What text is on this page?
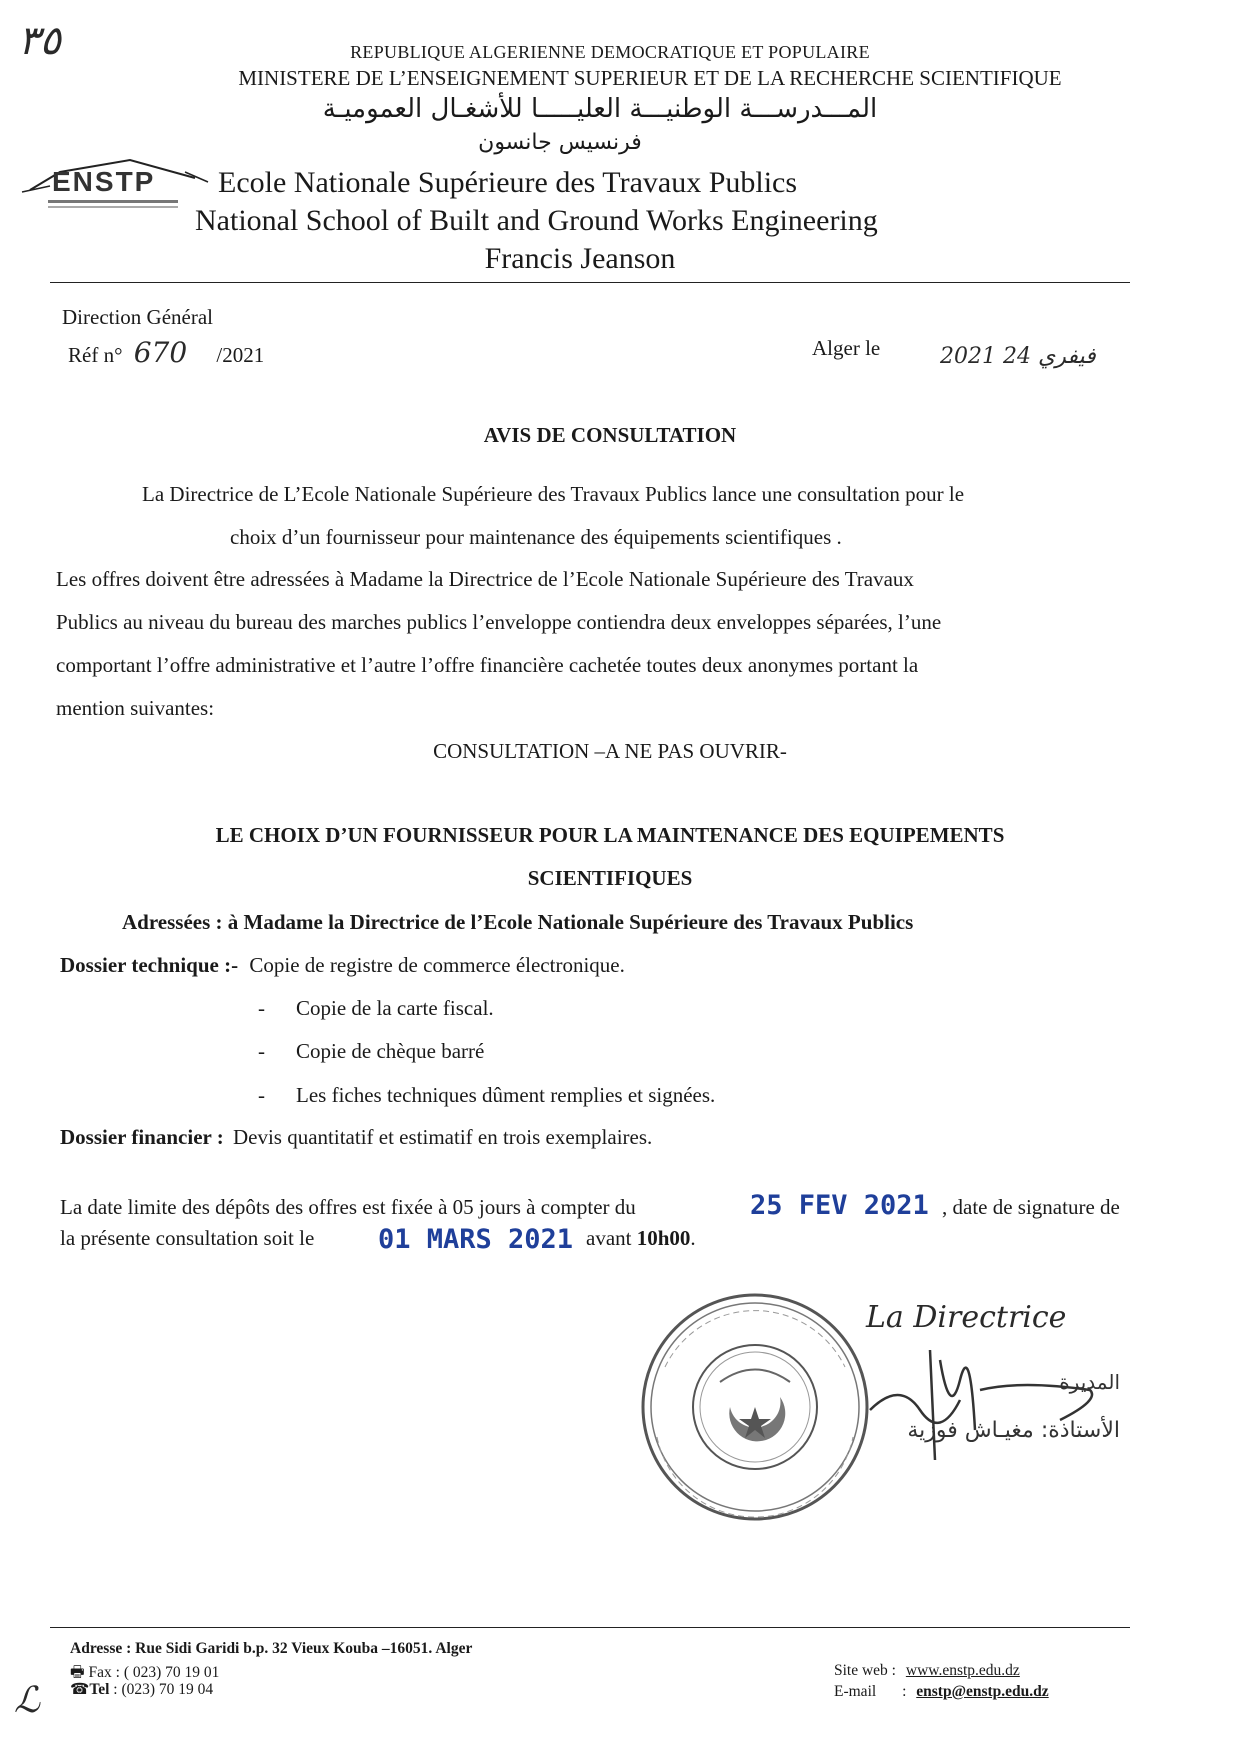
٣٥	REPUBLIQUE ALGERIENNE DEMOCRATIQUE ET POPULAIRE
MINISTERE DE L’ENSEIGNEMENT SUPERIEUR ET DE LA RECHERCHE SCIENTIFIQUE
المـــدرســـة الوطنيـــة العليـــــا للأشغـال العموميـة
فرنسيس جانسون
ENSTP Ecole Nationale Supérieure des Travaux Publics
National School of Built and Ground Works Engineering
Francis Jeanson
Direction Général
Réf n° 670 /2021	Alger le	2021 فيفري 24
AVIS DE CONSULTATION
La Directrice de L’Ecole Nationale Supérieure des Travaux Publics lance une consultation pour le
choix d’un fournisseur pour maintenance des équipements scientifiques .
Les offres doivent être adressées à Madame la Directrice de l’Ecole Nationale Supérieure des Travaux
Publics au niveau du bureau des marches publics l’enveloppe contiendra deux enveloppes séparées, l’une
comportant l’offre administrative et l’autre l’offre financière cachetée toutes deux anonymes portant la
mention suivantes:
CONSULTATION –A NE PAS OUVRIR-
LE CHOIX D’UN FOURNISSEUR POUR LA MAINTENANCE DES EQUIPEMENTS
SCIENTIFIQUES
Adressées : à Madame la Directrice de l’Ecole Nationale Supérieure des Travaux Publics
Dossier technique :- Copie de registre de commerce électronique.
- Copie de la carte fiscal.
- Copie de chèque barré
- Les fiches techniques dûment remplies et signées.
Dossier financier : Devis quantitatif et estimatif en trois exemplaires.
La date limite des dépôts des offres est fixée à 05 jours à compter du	25 FEV 2021 , date de signature de
la présente consultation soit le 01 MARS 2021 avant 10h00.
La Directrice
المديرة
الأستاذة: مغيـاش فوزية
Adresse : Rue Sidi Garidi b.p. 32 Vieux Kouba –16051. Alger
🖶 Fax : ( 023) 70 19 01
☎Tel : (023) 70 19 04
Site web : www.enstp.edu.dz
E-mail : enstp@enstp.edu.dz
ℒ
